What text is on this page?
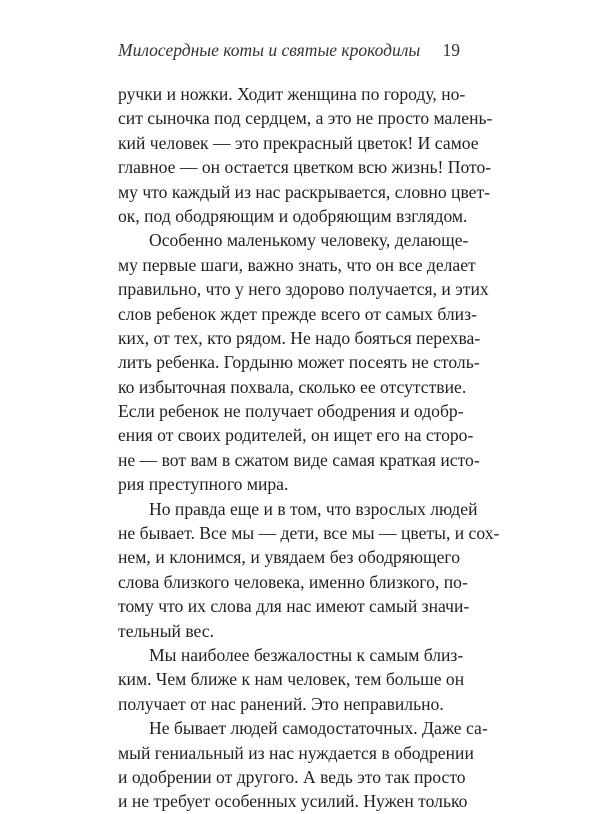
Милосердные коты и святые крокодилы 19
ручки и ножки. Ходит женщина по городу, но-
сит сыночка под сердцем, а это не просто малень-
кий человек — это прекрасный цветок! И самое
главное — он остается цветком всю жизнь! Пото-
му что каждый из нас раскрывается, словно цвет-
ок, под ободряющим и одобряющим взглядом.
Особенно маленькому человеку, делающе-
му первые шаги, важно знать, что он все делает
правильно, что у него здорово получается, и этих
слов ребенок ждет прежде всего от самых близ-
ких, от тех, кто рядом. Не надо бояться перехва-
лить ребенка. Гордыню может посеять не столь-
ко избыточная похвала, сколько ее отсутствие.
Если ребенок не получает ободрения и одобр-
ения от своих родителей, он ищет его на сторо-
не — вот вам в сжатом виде самая краткая исто-
рия преступного мира.
Но правда еще и в том, что взрослых людей
не бывает. Все мы — дети, все мы — цветы, и сох-
нем, и клонимся, и увядаем без ободряющего
слова близкого человека, именно близкого, по-
тому что их слова для нас имеют самый значи-
тельный вес.
Мы наиболее безжалостны к самым близ-
ким. Чем ближе к нам человек, тем больше он
получает от нас ранений. Это неправильно.
Не бывает людей самодостаточных. Даже са-
мый гениальный из нас нуждается в ободрении
и одобрении от другого. А ведь это так просто
и не требует особенных усилий. Нужен только
